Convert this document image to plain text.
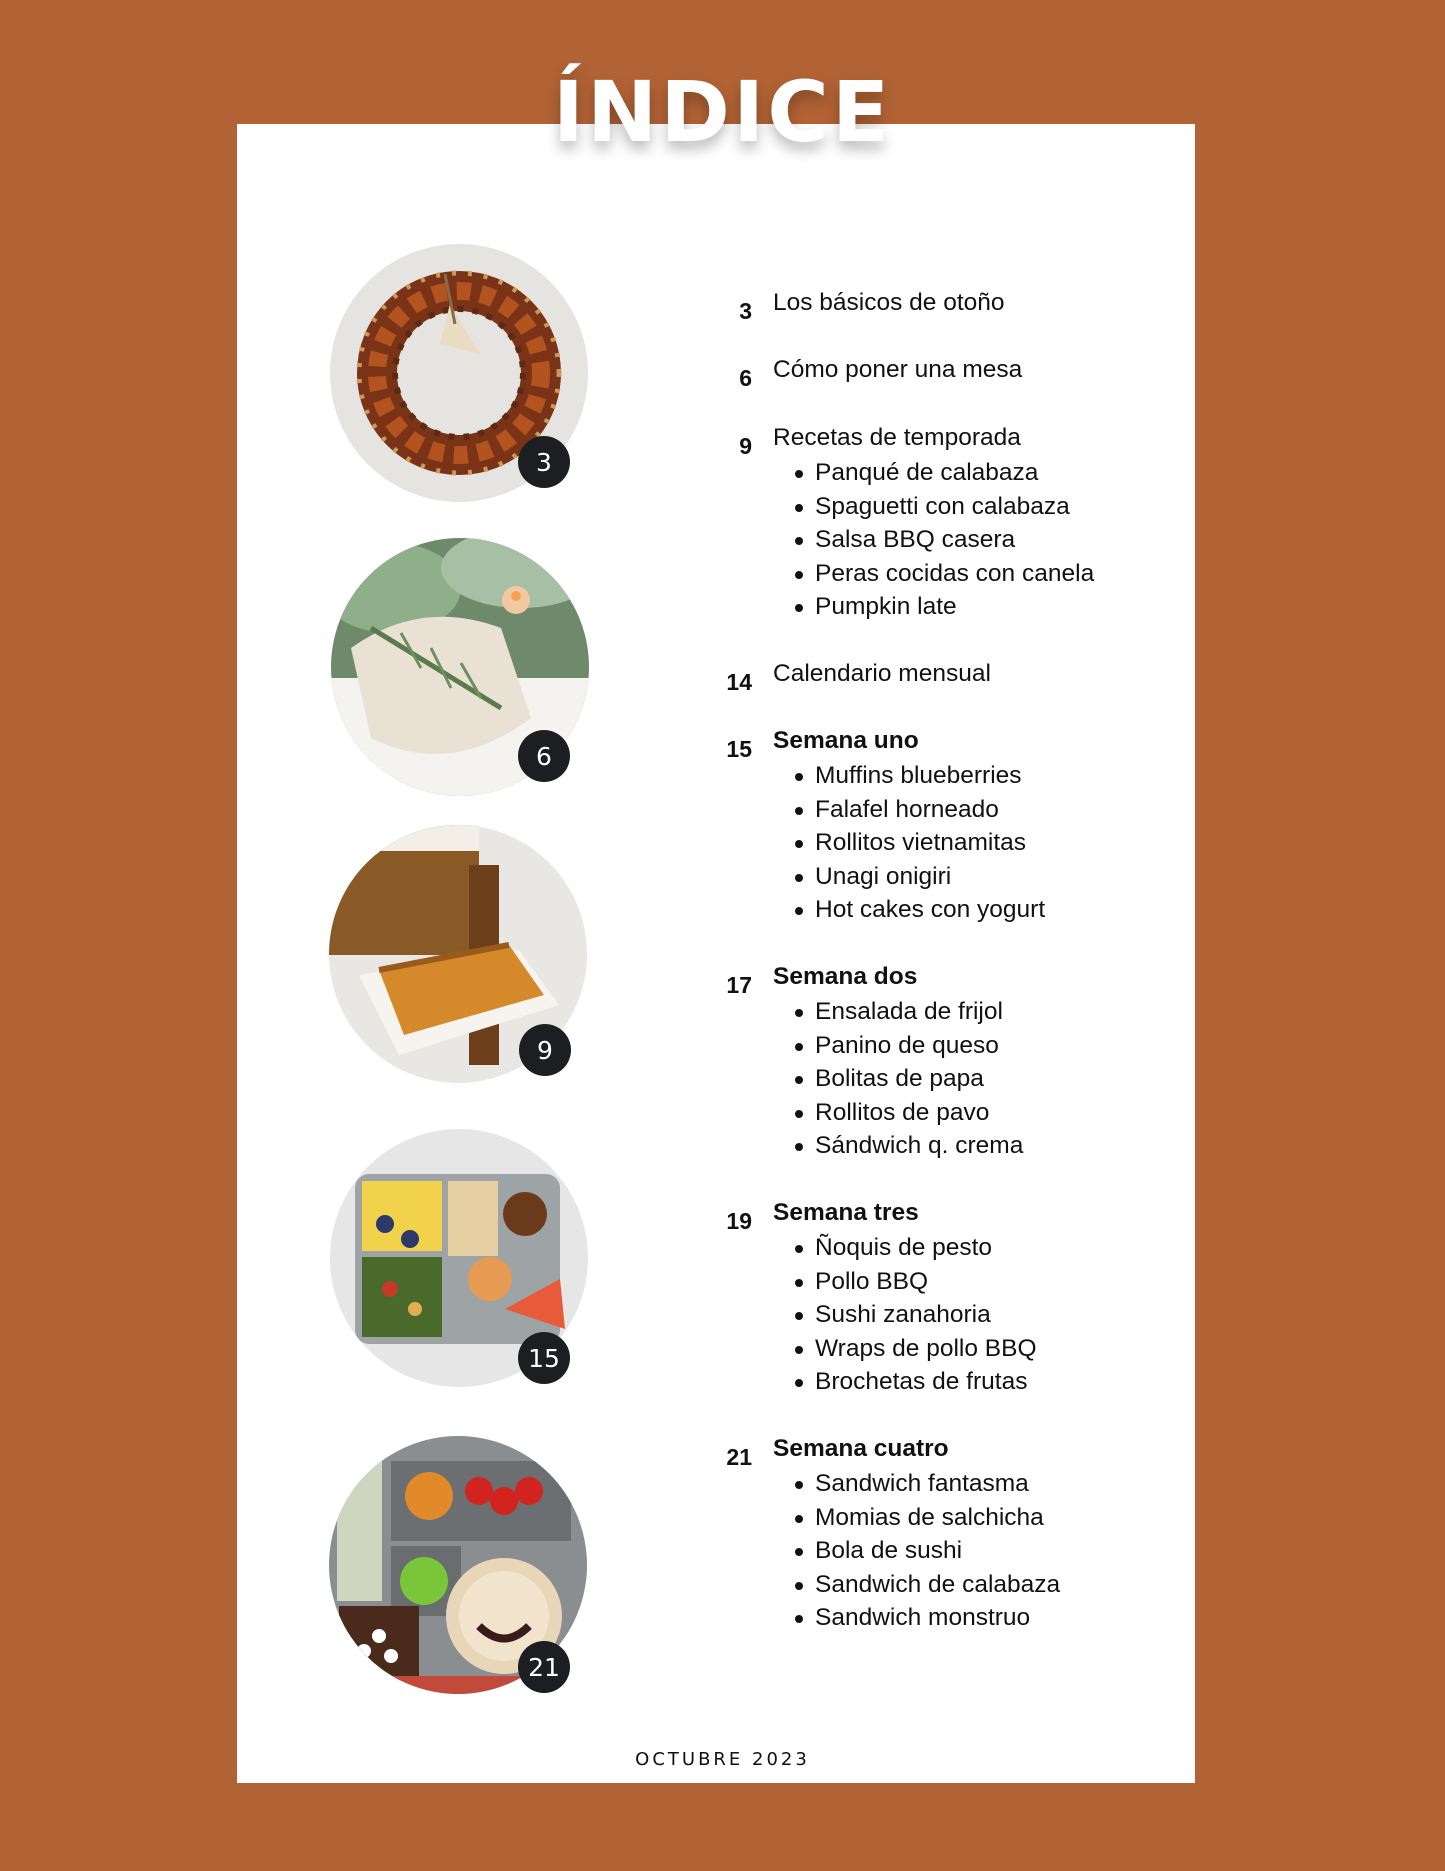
ÍNDICE
3
6
9
15
21
3 Los básicos de otoño
6 Cómo poner una mesa
9 Recetas de temporada
Panqué de calabaza
Spaguetti con calabaza
Salsa BBQ casera
Peras cocidas con canela
Pumpkin late
14 Calendario mensual
15 Semana uno
Muffins blueberries
Falafel horneado
Rollitos vietnamitas
Unagi onigiri
Hot cakes con yogurt
17 Semana dos
Ensalada de frijol
Panino de queso
Bolitas de papa
Rollitos de pavo
Sándwich q. crema
19 Semana tres
Ñoquis de pesto
Pollo BBQ
Sushi zanahoria
Wraps de pollo BBQ
Brochetas de frutas
21 Semana cuatro
Sandwich fantasma
Momias de salchicha
Bola de sushi
Sandwich de calabaza
Sandwich monstruo
OCTUBRE 2023
